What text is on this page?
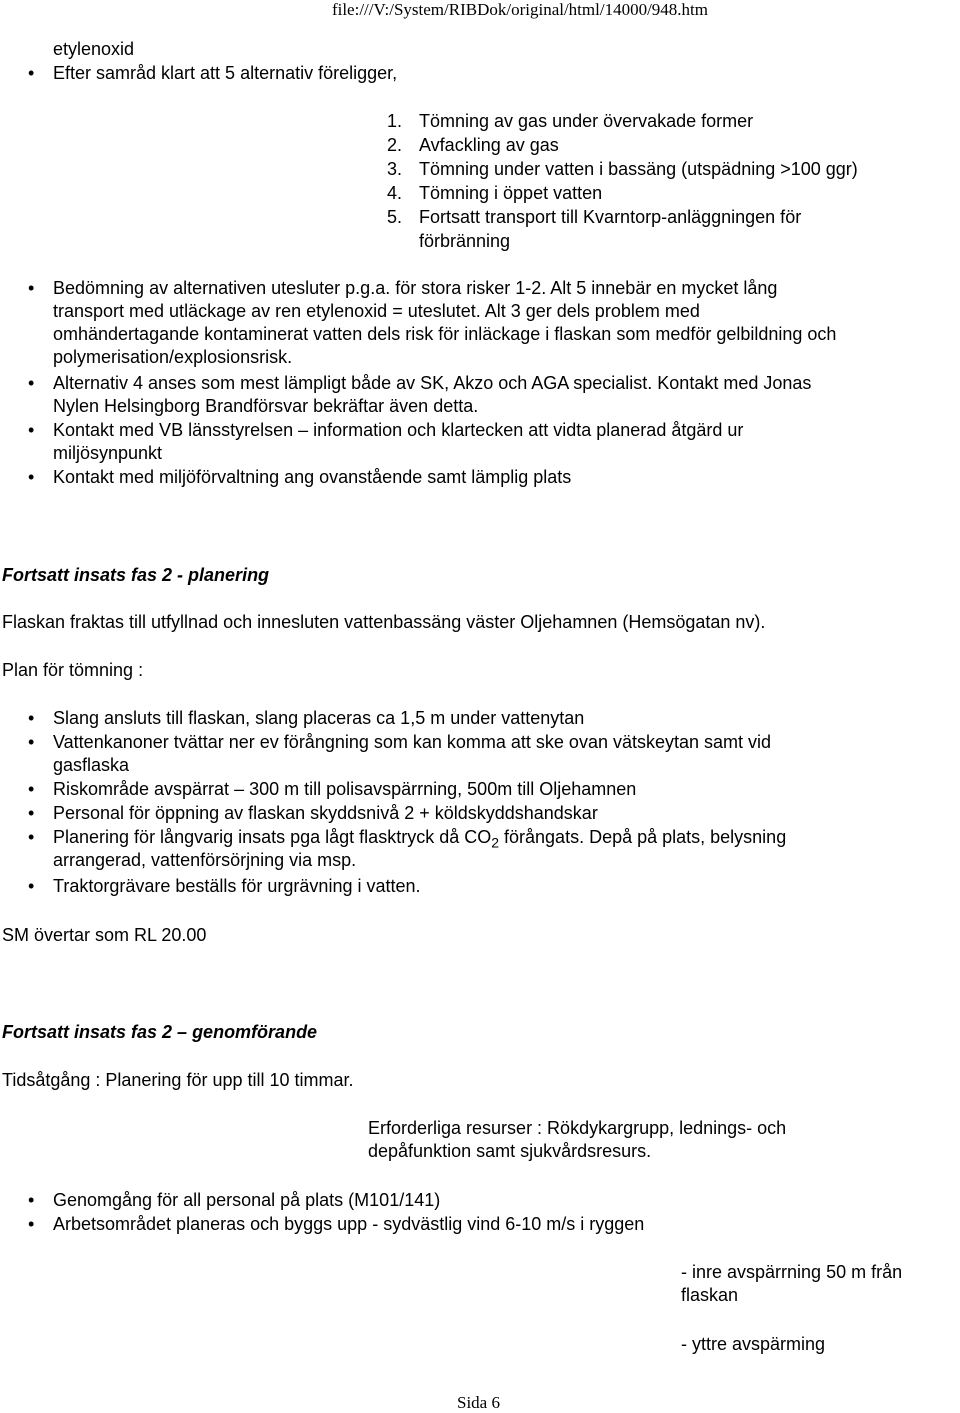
file:///V:/System/RIBDok/original/html/14000/948.htm
etylenoxid
• Efter samråd klart att 5 alternativ föreligger,
1. Tömning av gas under övervakade former
2. Avfackling av gas
3. Tömning under vatten i bassäng (utspädning >100 ggr)
4. Tömning i öppet vatten
5. Fortsatt transport till Kvarntorp-anläggningen för
förbränning
• Bedömning av alternativen utesluter p.g.a. för stora risker 1-2. Alt 5 innebär en mycket lång
transport med utläckage av ren etylenoxid = uteslutet. Alt 3 ger dels problem med
omhändertagande kontaminerat vatten dels risk för inläckage i flaskan som medför gelbildning och
polymerisation/explosionsrisk.
• Alternativ 4 anses som mest lämpligt både av SK, Akzo och AGA specialist. Kontakt med Jonas
Nylen Helsingborg Brandförsvar bekräftar även detta.
• Kontakt med VB länsstyrelsen – information och klartecken att vidta planerad åtgärd ur
miljösynpunkt
• Kontakt med miljöförvaltning ang ovanstående samt lämplig plats
Fortsatt insats fas 2 - planering
Flaskan fraktas till utfyllnad och innesluten vattenbassäng väster Oljehamnen (Hemsögatan nv).
Plan för tömning :
• Slang ansluts till flaskan, slang placeras ca 1,5 m under vattenytan
• Vattenkanoner tvättar ner ev förångning som kan komma att ske ovan vätskeytan samt vid
gasflaska
• Riskområde avspärrat – 300 m till polisavspärrning, 500m till Oljehamnen
• Personal för öppning av flaskan skyddsnivå 2 + köldskyddshandskar
• Planering för långvarig insats pga lågt flasktryck då $CO_2$ förångats. Depå på plats, belysning
arrangerad, vattenförsörjning via msp.
• Traktorgrävare beställs för urgrävning i vatten.
SM övertar som RL 20.00
Fortsatt insats fas 2 – genomförande
Tidsåtgång : Planering för upp till 10 timmar.
Erforderliga resurser : Rökdykargrupp, lednings- och
depåfunktion samt sjukvårdsresurs.
• Genomgång för all personal på plats (M101/141)
• Arbetsområdet planeras och byggs upp - sydvästlig vind 6-10 m/s i ryggen
- inre avspärrning 50 m från
flaskan
- yttre avspärming
Sida 6
